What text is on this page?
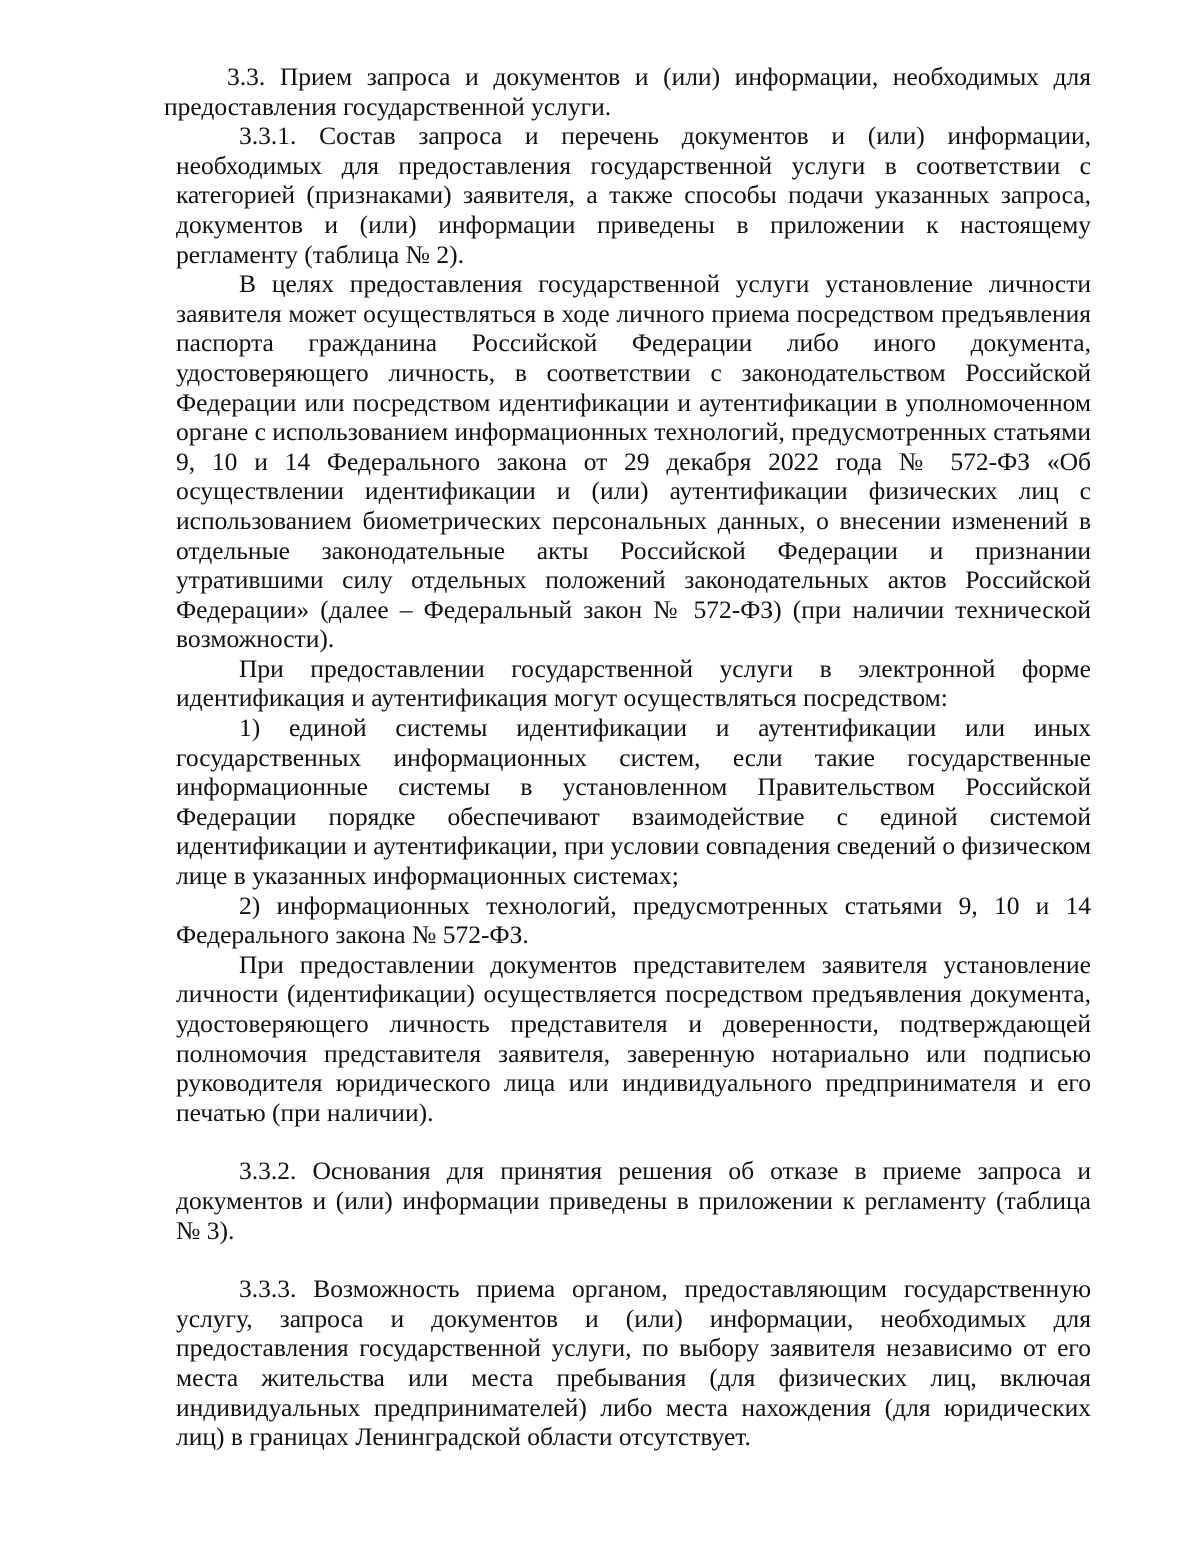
3.3. Прием запроса и документов и (или) информации, необходимых для предоставления государственной услуги.

3.3.1. Состав запроса и перечень документов и (или) информации, необходимых для предоставления государственной услуги в соответствии с категорией (признаками) заявителя, а также способы подачи указанных запроса, документов и (или) информации приведены в приложении к настоящему регламенту (таблица № 2).

В целях предоставления государственной услуги установление личности заявителя может осуществляться в ходе личного приема посредством предъявления паспорта гражданина Российской Федерации либо иного документа, удостоверяющего личность, в соответствии с законодательством Российской Федерации или посредством идентификации и аутентификации в уполномоченном органе с использованием информационных технологий, предусмотренных статьями 9, 10 и 14 Федерального закона от 29 декабря 2022 года № 572-ФЗ «Об осуществлении идентификации и (или) аутентификации физических лиц с использованием биометрических персональных данных, о внесении изменений в отдельные законодательные акты Российской Федерации и признании утратившими силу отдельных положений законодательных актов Российской Федерации» (далее – Федеральный закон № 572-ФЗ) (при наличии технической возможности).

При предоставлении государственной услуги в электронной форме идентификация и аутентификация могут осуществляться посредством:

1) единой системы идентификации и аутентификации или иных государственных информационных систем, если такие государственные информационные системы в установленном Правительством Российской Федерации порядке обеспечивают взаимодействие с единой системой идентификации и аутентификации, при условии совпадения сведений о физическом лице в указанных информационных системах;

2) информационных технологий, предусмотренных статьями 9, 10 и 14 Федерального закона № 572-ФЗ.

При предоставлении документов представителем заявителя установление личности (идентификации) осуществляется посредством предъявления документа, удостоверяющего личность представителя и доверенности, подтверждающей полномочия представителя заявителя, заверенную нотариально или подписью руководителя юридического лица или индивидуального предпринимателя и его печатью (при наличии).

3.3.2. Основания для принятия решения об отказе в приеме запроса и документов и (или) информации приведены в приложении к регламенту (таблица № 3).

3.3.3. Возможность приема органом, предоставляющим государственную услугу, запроса и документов и (или) информации, необходимых для предоставления государственной услуги, по выбору заявителя независимо от его места жительства или места пребывания (для физических лиц, включая индивидуальных предпринимателей) либо места нахождения (для юридических лиц) в границах Ленинградской области отсутствует.
